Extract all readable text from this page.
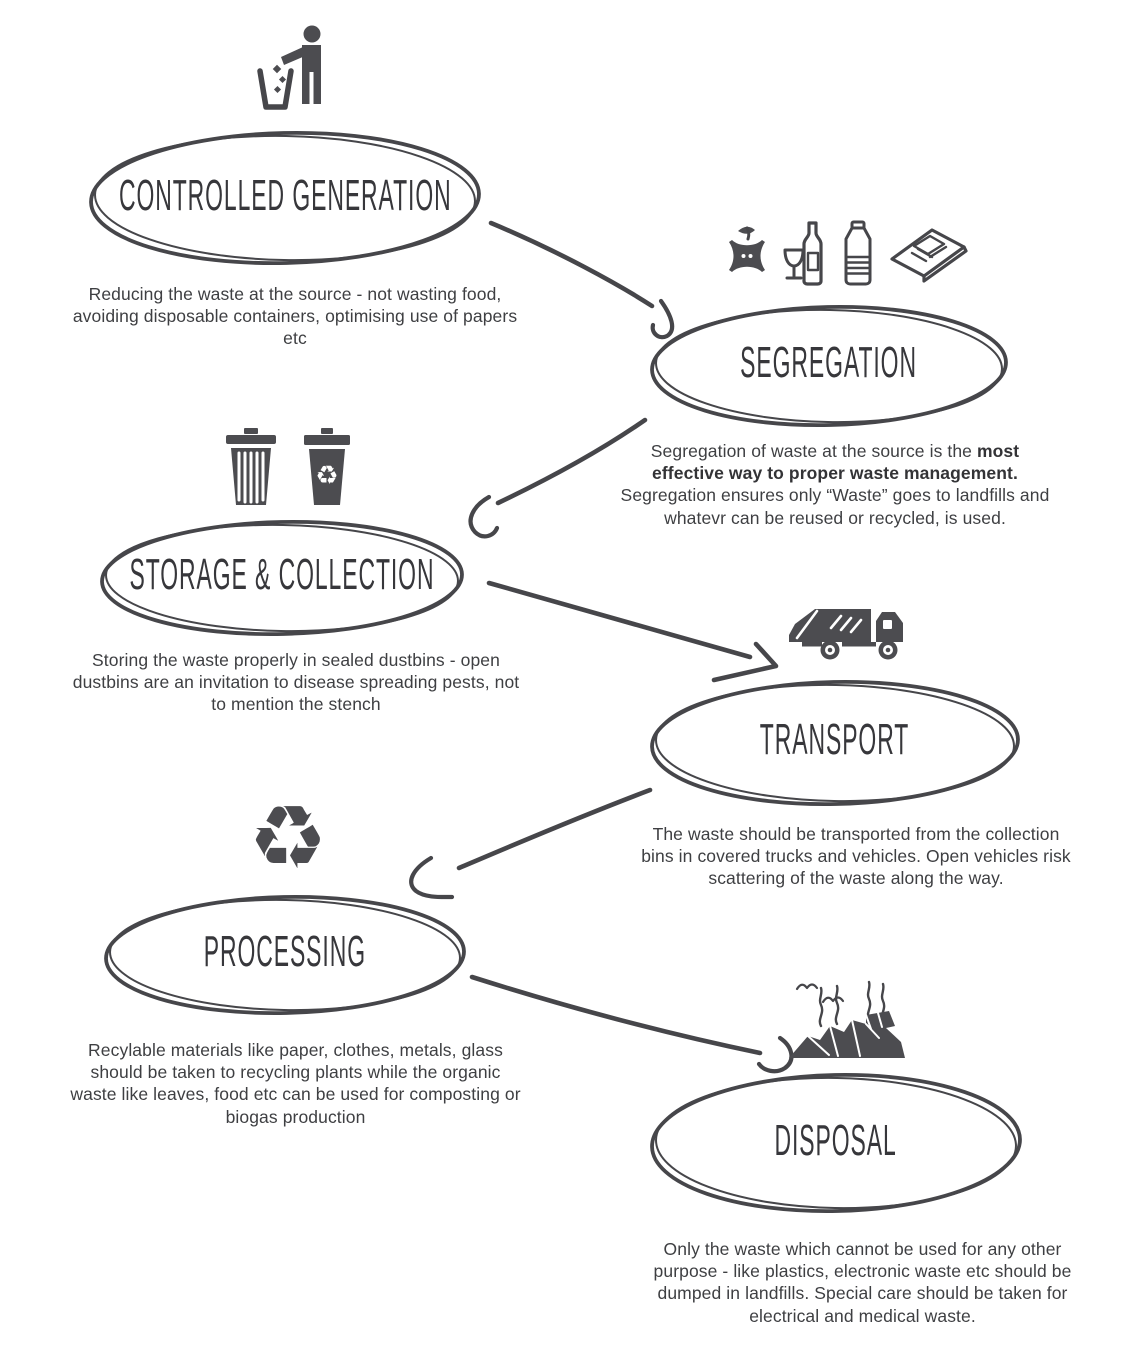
CONTROLLED GENERATION

Reducing the waste at the source - not wasting food, avoiding disposable containers, optimising use of papers etc	SEGREGATION

Segregation of waste at the source is the most effective way to proper waste management. Segregation ensures only “Waste” goes to landfills and whatevr can be reused or recycled, is used.

♻
STORAGE & COLLECTION

Storing the waste properly in sealed dustbins - open dustbins are an invitation to disease spreading pests, not to mention the stench

TRANSPORT

The waste should be transported from the collection bins in covered trucks and vehicles. Open vehicles risk scattering of the waste along the way.

♻
PROCESSING

Recylable materials like paper, clothes, metals, glass should be taken to recycling plants while the organic waste like leaves, food etc can be used for composting or biogas production	DISPOSAL

Only the waste which cannot be used for any other purpose - like plastics, electronic waste etc should be dumped in landfills. Special care should be taken for electrical and medical waste.
